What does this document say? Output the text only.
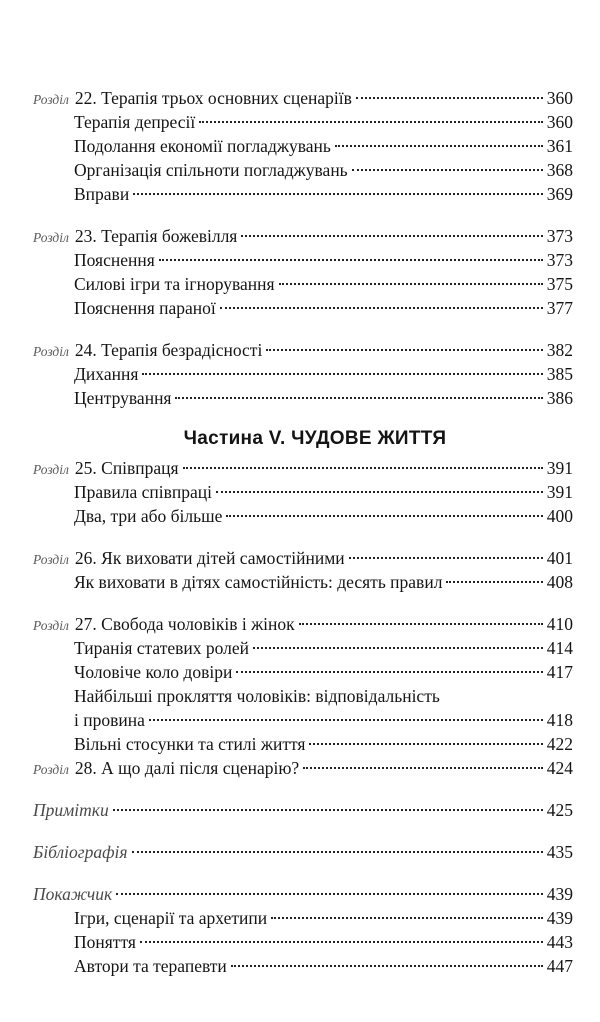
Розділ 22. Терапія трьох основних сценаріїв	360
Терапія депресії	360
Подолання економії погладжувань	361
Організація спільноти погладжувань	368
Вправи	369
Розділ 23. Терапія божевілля	373
Пояснення	373
Силові ігри та ігнорування	375
Пояснення параної	377
Розділ 24. Терапія безрадісності	382
Дихання	385
Центрування	386
Частина V. ЧУДОВЕ ЖИТТЯ
Розділ 25. Співпраця	391
Правила співпраці	391
Два, три або більше	400
Розділ 26. Як виховати дітей самостійними	401
Як виховати в дітях самостійність: десять правил	408
Розділ 27. Свобода чоловіків і жінок	410
Тиранія статевих ролей	414
Чоловіче коло довіри	417
Найбільші прокляття чоловіків: відповідальність
і провина	418
Вільні стосунки та стилі життя	422
Розділ 28. А що далі після сценарію?	424
Примітки	425
Бібліографія	435
Покажчик	439
Ігри, сценарії та архетипи	439
Поняття	443
Автори та терапевти	447
